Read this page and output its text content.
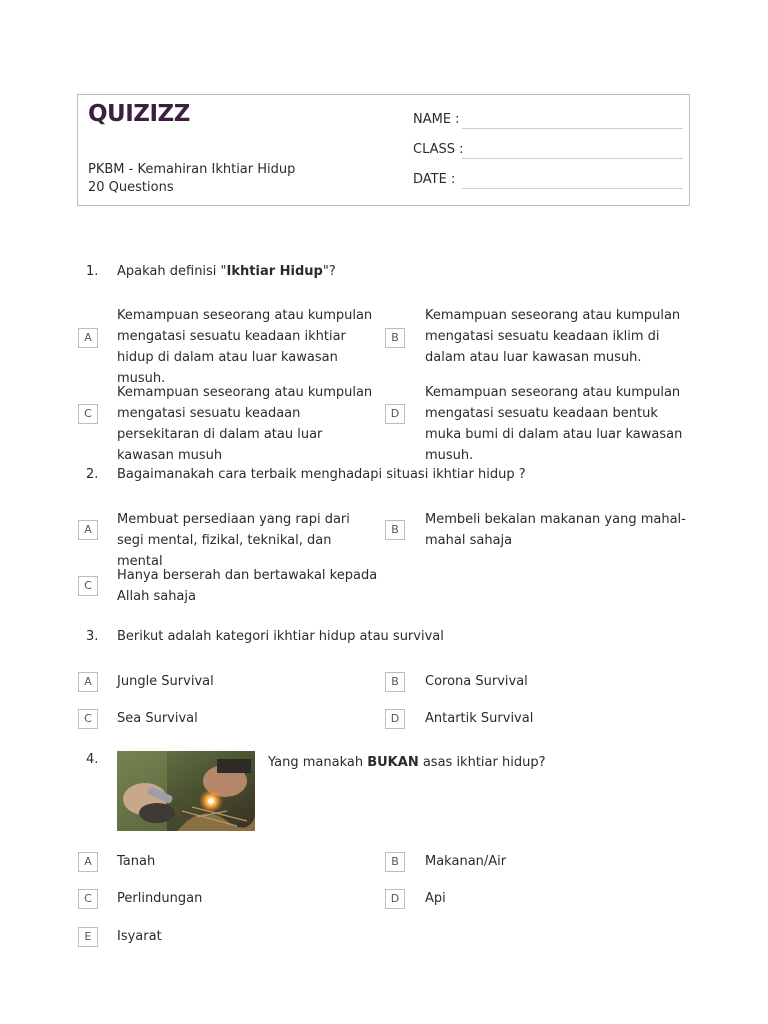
QUIZIZZ
PKBM - Kemahiran Ikhtiar Hidup
20 Questions
NAME :
CLASS :
DATE :
1. Apakah definisi "Ikhtiar Hidup"?
A
Kemampuan seseorang atau kumpulan mengatasi sesuatu keadaan ikhtiar hidup di dalam atau luar kawasan musuh.
B
Kemampuan seseorang atau kumpulan mengatasi sesuatu keadaan iklim di dalam atau luar kawasan musuh.
C
Kemampuan seseorang atau kumpulan mengatasi sesuatu keadaan persekitaran di dalam atau luar kawasan musuh
D
Kemampuan seseorang atau kumpulan mengatasi sesuatu keadaan bentuk muka bumi di dalam atau luar kawasan musuh.
2. Bagaimanakah cara terbaik menghadapi situasi ikhtiar hidup ?
A
Membuat persediaan yang rapi dari segi mental, fizikal, teknikal, dan mental
B
Membeli bekalan makanan yang mahal-mahal sahaja
C
Hanya berserah dan bertawakal kepada Allah sahaja
3. Berikut adalah kategori ikhtiar hidup atau survival
A	Jungle Survival	B	Corona Survival
C	Sea Survival	D	Antartik Survival
4.	Yang manakah BUKAN asas ikhtiar hidup?
A	Tanah	B	Makanan/Air
C	Perlindungan	D	Api
E	Isyarat
